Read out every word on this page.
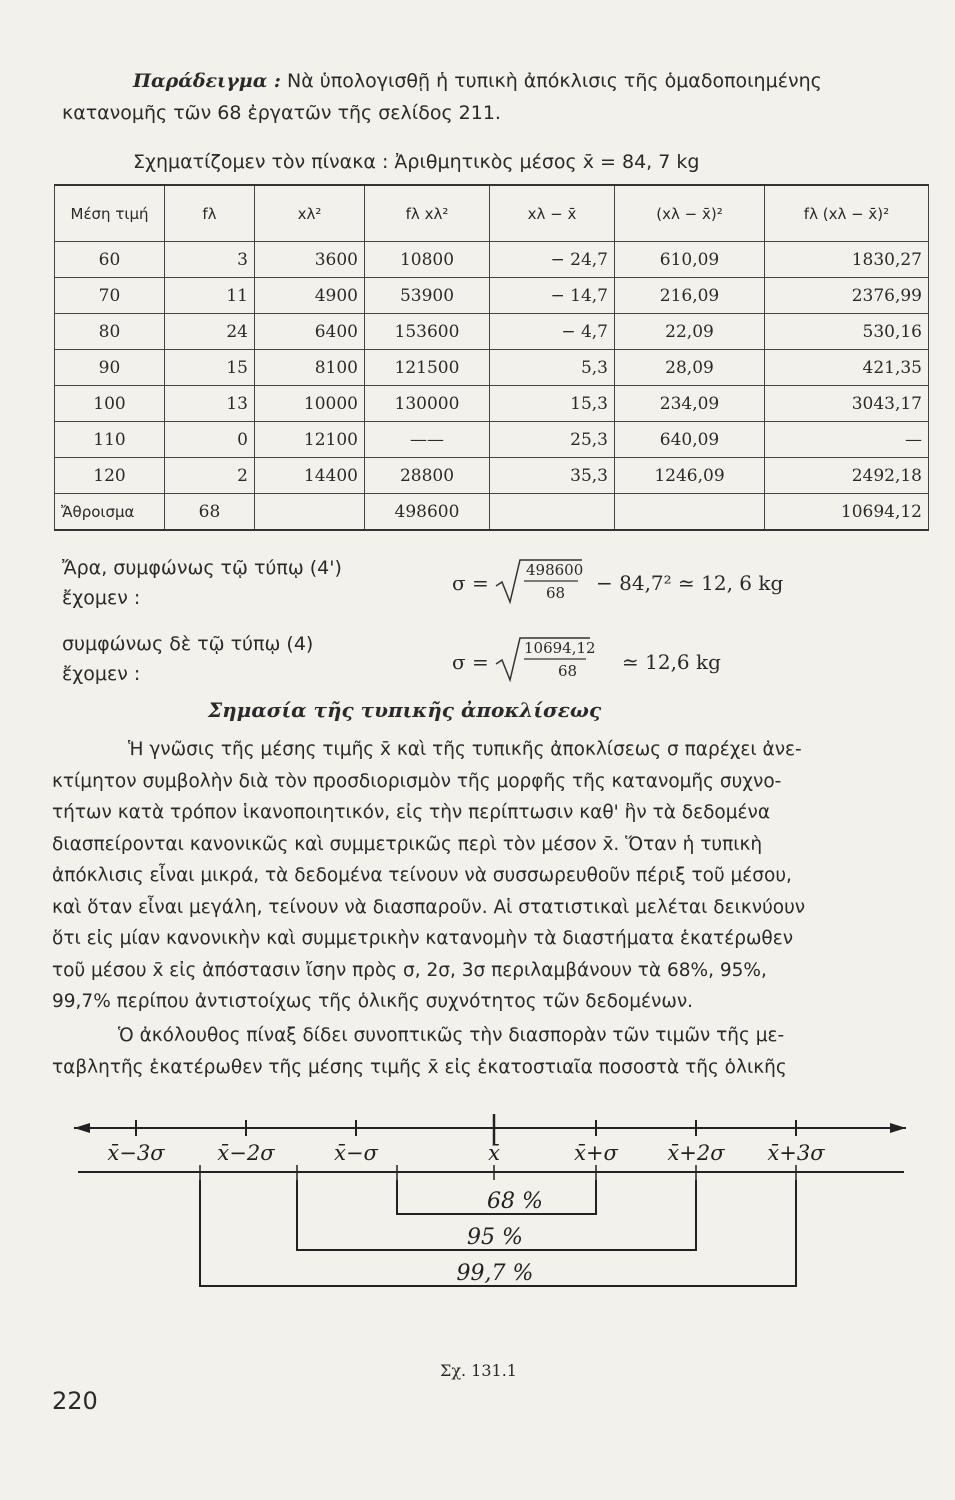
Παράδειγμα : Νὰ ὑπολογισθῇ ἡ τυπικὴ ἀπόκλισις τῆς ὁμαδοποιημένης
κατανομῆς τῶν 68 ἐργατῶν τῆς σελίδος 211.
Σχηματίζομεν τὸν πίνακα : Ἀριθμητικὸς μέσος x̄ = 84, 7 kg
Μέση τιμή	fλ	xλ²	fλ xλ²	xλ − x̄	(xλ − x̄)²	fλ (xλ − x̄)²
60	3	3600	10800	− 24,7	610,09	1830,27
70	11	4900	53900	− 14,7	216,09	2376,99
80	24	6400	153600	− 4,7	22,09	530,16
90	15	8100	121500	5,3	28,09	421,35
100	13	10000	130000	15,3	234,09	3043,17
110	0	12100	——	25,3	640,09	—
120	2	14400	28800	35,3	1246,09	2492,18
Ἄθροισμα	68		498600			10694,12
Ἄρα, συμφώνως τῷ τύπῳ (4')
ἔχομεν :
σ =
498600
68 − 84,7² ≃ 12, 6 kg
συμφώνως δὲ τῷ τύπῳ (4)
ἔχομεν :	σ =
10694,12
68 ≃ 12,6 kg
Σημασία τῆς τυπικῆς ἀποκλίσεως
Ἡ γνῶσις τῆς μέσης τιμῆς x̄ καὶ τῆς τυπικῆς ἀποκλίσεως σ παρέχει ἀνε-
κτίμητον συμβολὴν διὰ τὸν προσδιορισμὸν τῆς μορφῆς τῆς κατανομῆς συχνο-
τήτων κατὰ τρόπον ἱκανοποιητικόν, εἰς τὴν περίπτωσιν καθ' ἣν τὰ δεδομένα
διασπείρονται κανονικῶς καὶ συμμετρικῶς περὶ τὸν μέσον x̄. Ὅταν ἡ τυπικὴ
ἀπόκλισις εἶναι μικρά, τὰ δεδομένα τείνουν νὰ συσσωρευθοῦν πέριξ τοῦ μέσου,
καὶ ὅταν εἶναι μεγάλη, τείνουν νὰ διασπαροῦν. Αἱ στατιστικαὶ μελέται δεικνύουν
ὅτι εἰς μίαν κανονικὴν καὶ συμμετρικὴν κατανομὴν τὰ διαστήματα ἑκατέρωθεν
τοῦ μέσου x̄ εἰς ἀπόστασιν ἴσην πρὸς σ, 2σ, 3σ περιλαμβάνουν τὰ 68%, 95%,
99,7% περίπου ἀντιστοίχως τῆς ὁλικῆς συχνότητος τῶν δεδομένων.
Ὁ ἀκόλουθος πίναξ δίδει συνοπτικῶς τὴν διασπορὰν τῶν τιμῶν τῆς με-
ταβλητῆς ἑκατέρωθεν τῆς μέσης τιμῆς x̄ εἰς ἑκατοστιαῖα ποσοστὰ τῆς ὁλικῆς
x̄−3σ	x̄−2σ	x̄−σ	x̄	x̄+σ x̄+2σ x̄+3σ
68 %
95 %
99,7 %
Σχ. 131.1
220
